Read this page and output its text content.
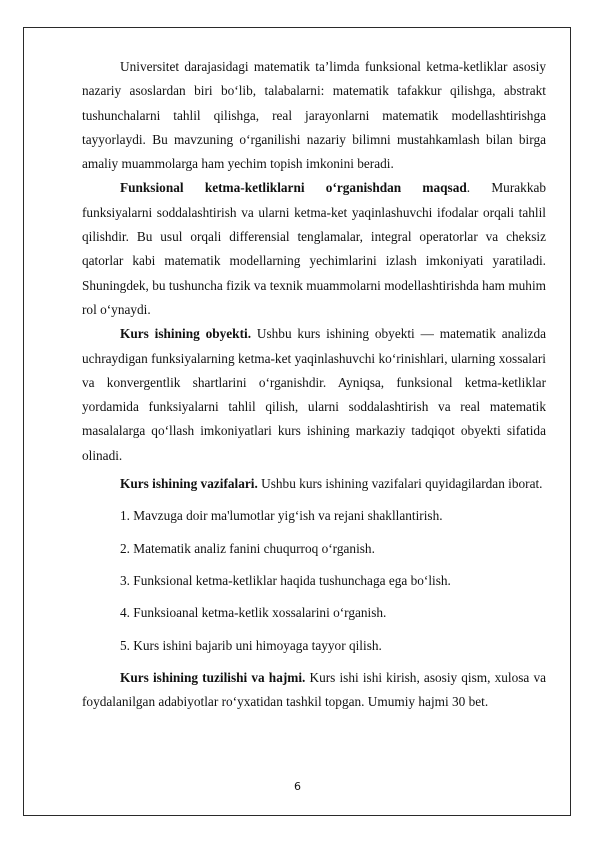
Universitet darajasidagi matematik ta’limda funksional ketma-ketliklar asosiy nazariy asoslardan biri bo‘lib, talabalarni: matematik tafakkur qilishga, abstrakt tushunchalarni tahlil qilishga, real jarayonlarni matematik modellashtirishga tayyorlaydi. Bu mavzuning o‘rganilishi nazariy bilimni mustahkamlash bilan birga amaliy muammolarga ham yechim topish imkonini beradi.

Funksional ketma-ketliklarni o‘rganishdan maqsad. Murakkab funksiyalarni soddalashtirish va ularni ketma-ket yaqinlashuvchi ifodalar orqali tahlil qilishdir. Bu usul orqali differensial tenglamalar, integral operatorlar va cheksiz qatorlar kabi matematik modellarning yechimlarini izlash imkoniyati yaratiladi. Shuningdek, bu tushuncha fizik va texnik muammolarni modellashtirishda ham muhim rol o‘ynaydi.

Kurs ishining obyekti. Ushbu kurs ishining obyekti — matematik analizda uchraydigan funksiyalarning ketma-ket yaqinlashuvchi ko‘rinishlari, ularning xossalari va konvergentlik shartlarini o‘rganishdir. Ayniqsa, funksional ketma-ketliklar yordamida funksiyalarni tahlil qilish, ularni soddalashtirish va real matematik masalalarga qo‘llash imkoniyatlari kurs ishining markaziy tadqiqot obyekti sifatida olinadi.

Kurs ishining vazifalari. Ushbu kurs ishining vazifalari quyidagilardan iborat.

1. Mavzuga doir ma'lumotlar yig‘ish va rejani shakllantirish.

2. Matematik analiz fanini chuqurroq o‘rganish.

3. Funksional ketma-ketliklar haqida tushunchaga ega bo‘lish.

4. Funksioanal ketma-ketlik xossalarini o‘rganish.

5. Kurs ishini bajarib uni himoyaga tayyor qilish.

Kurs ishining tuzilishi va hajmi. Kurs ishi ishi kirish, asosiy qism, xulosa va foydalanilgan adabiyotlar ro‘yxatidan tashkil topgan. Umumiy hajmi 30 bet.

6
